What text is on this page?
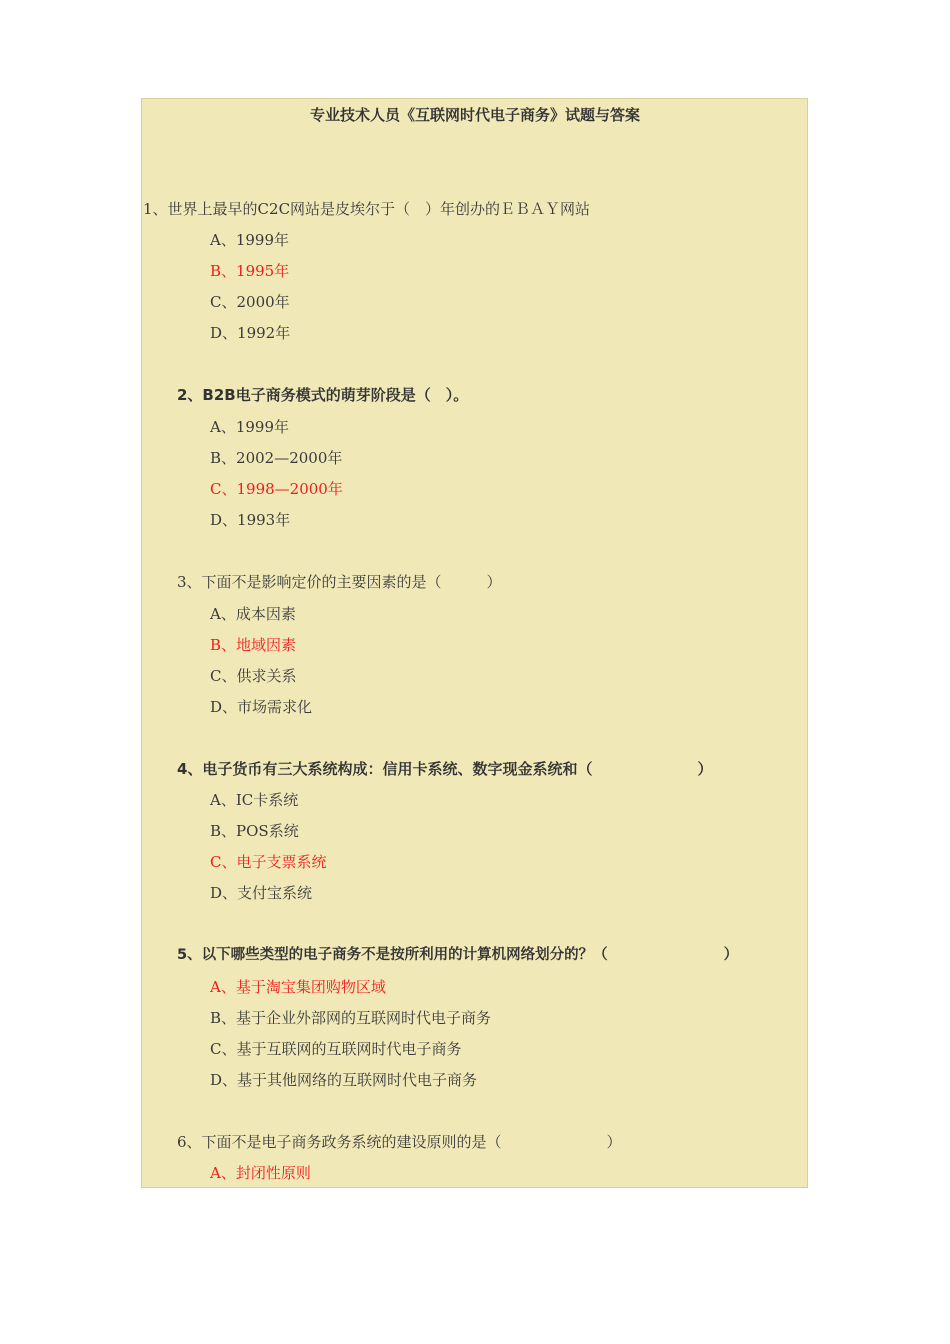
专业技术人员《互联网时代电子商务》试题与答案
1、世界上最早的C2C网站是皮埃尔于（　）年创办的ＥＢＡＹ网站
A、1999年
B、1995年
C、2000年
D、1992年
2、B2B电子商务模式的萌芽阶段是（　）。
A、1999年
B、2002—2000年
C、1998—2000年
D、1993年
3、下面不是影响定价的主要因素的是（　　　）
A、成本因素
B、地域因素
C、供求关系
D、市场需求化
4、电子货币有三大系统构成：信用卡系统、数字现金系统和（　　　　　　　）
A、IC卡系统
B、POS系统
C、电子支票系统
D、支付宝系统
5、以下哪些类型的电子商务不是按所利用的计算机网络划分的？（　　　　　　　　）
A、基于淘宝集团购物区域
B、基于企业外部网的互联网时代电子商务
C、基于互联网的互联网时代电子商务
D、基于其他网络的互联网时代电子商务
6、下面不是电子商务政务系统的建设原则的是（　　　　　　　）
A、封闭性原则
